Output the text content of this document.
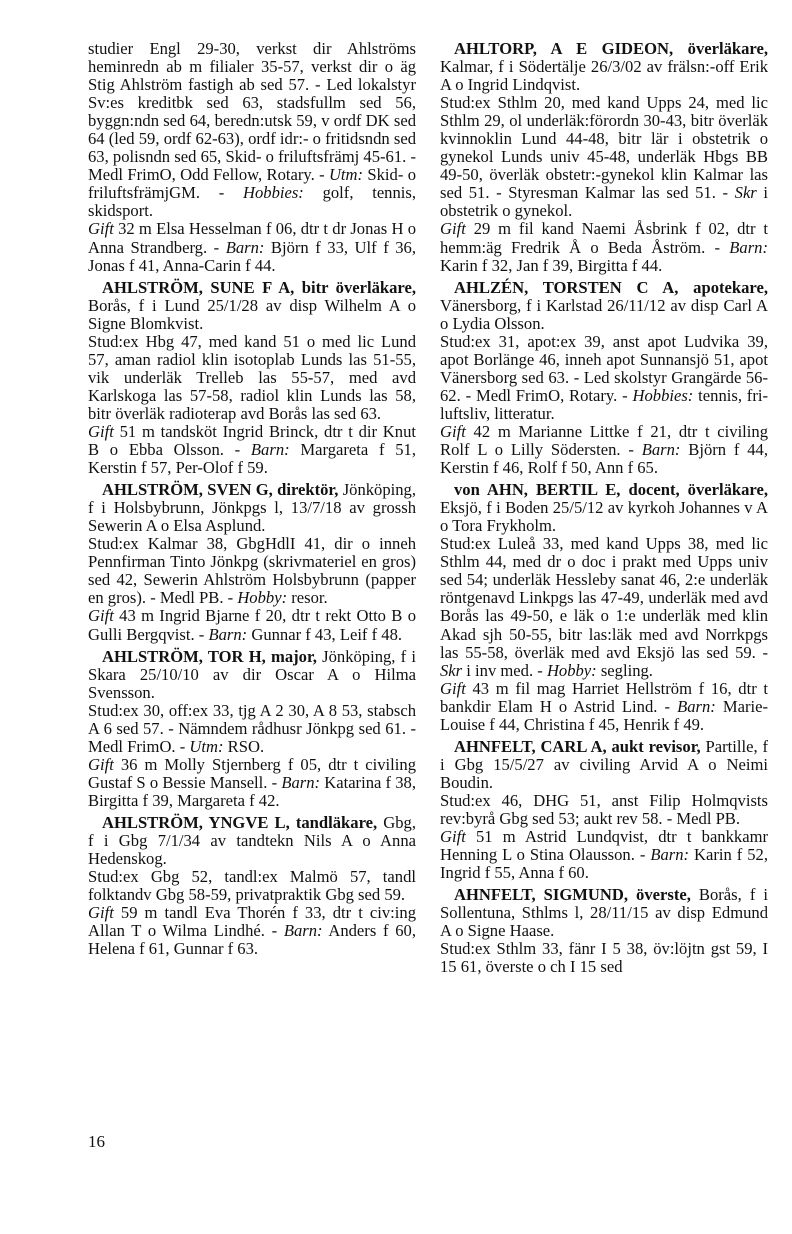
studier Engl 29-30, verkst dir Ahlströms heminredn ab m filialer 35-57, verkst dir o äg Stig Ahlström fastigh ab sed 57. - Led lokalstyr Sv:es kreditbk sed 63, stadsfullm sed 56, byggn:ndn sed 64, beredn:utsk 59, v ordf DK sed 64 (led 59, ordf 62-63), ordf idr:- o fritidsndn sed 63, polisndn sed 65, Skid- o friluftsfrämj 45-61. - Medl FrimO, Odd Fellow, Rotary. - Utm: Skid- o friluftsfrämjGM. - Hobbies: golf, tennis, skidsport.

Gift 32 m Elsa Hesselman f 06, dtr t dr Jonas H o Anna Strandberg. - Barn: Björn f 33, Ulf f 36, Jonas f 41, Anna-Carin f 44.

AHLSTRÖM, SUNE F A, bitr överläkare, Borås, f i Lund 25/1/28 av disp Wilhelm A o Signe Blomkvist.

Stud:ex Hbg 47, med kand 51 o med lic Lund 57, aman radiol klin isotoplab Lunds las 51-55, vik underläk Trelleb las 55-57, med avd Karlskoga las 57-58, radiol klin Lunds las 58, bitr överläk radioterap avd Borås las sed 63.

Gift 51 m tandsköt Ingrid Brinck, dtr t dir Knut B o Ebba Olsson. - Barn: Margareta f 51, Kerstin f 57, Per-Olof f 59.

AHLSTRÖM, SVEN G, direktör, Jönköping, f i Holsbybrunn, Jönkpgs l, 13/7/18 av grossh Sewerin A o Elsa Asplund.

Stud:ex Kalmar 38, GbgHdlI 41, dir o inneh Pennfirman Tinto Jönkpg (skrivmateriel en gros) sed 42, Sewerin Ahlström Holsbybrunn (papper en gros). - Medl PB. - Hobby: resor.

Gift 43 m Ingrid Bjarne f 20, dtr t rekt Otto B o Gulli Bergqvist. - Barn: Gunnar f 43, Leif f 48.

AHLSTRÖM, TOR H, major, Jönköping, f i Skara 25/10/10 av dir Oscar A o Hilma Svensson.

Stud:ex 30, off:ex 33, tjg A 2 30, A 8 53, stabsch A 6 sed 57. - Nämndem rådhusr Jönkpg sed 61. - Medl FrimO. - Utm: RSO.

Gift 36 m Molly Stjernberg f 05, dtr t civiling Gustaf S o Bessie Mansell. - Barn: Katarina f 38, Birgitta f 39, Margareta f 42.

AHLSTRÖM, YNGVE L, tandläkare, Gbg, f i Gbg 7/1/34 av tandtekn Nils A o Anna Hedenskog.

Stud:ex Gbg 52, tandl:ex Malmö 57, tandl folktandv Gbg 58-59, privatpraktik Gbg sed 59.

Gift 59 m tandl Eva Thorén f 33, dtr t civ:ing Allan T o Wilma Lindhé. - Barn: Anders f 60, Helena f 61, Gunnar f 63.

AHLTORP, A E GIDEON, överläkare, Kalmar, f i Södertälje 26/3/02 av frälsn:-off Erik A o Ingrid Lindqvist.

Stud:ex Sthlm 20, med kand Upps 24, med lic Sthlm 29, ol underläk:förordn 30-43, bitr överläk kvinnoklin Lund 44-48, bitr lär i obstetrik o gynekol Lunds univ 45-48, underläk Hbgs BB 49-50, överläk obstetr:-gynekol klin Kalmar las sed 51. - Styresman Kalmar las sed 51. - Skr i obstetrik o gynekol.

Gift 29 m fil kand Naemi Åsbrink f 02, dtr t hemm:äg Fredrik Å o Beda Åström. - Barn: Karin f 32, Jan f 39, Birgitta f 44.

AHLZÉN, TORSTEN C A, apotekare, Vänersborg, f i Karlstad 26/11/12 av disp Carl A o Lydia Olsson.

Stud:ex 31, apot:ex 39, anst apot Ludvika 39, apot Borlänge 46, inneh apot Sunnansjö 51, apot Vänersborg sed 63. - Led skolstyr Grangärde 56-62. - Medl FrimO, Rotary. - Hobbies: tennis, friluftsliv, litteratur.

Gift 42 m Marianne Littke f 21, dtr t civiling Rolf L o Lilly Södersten. - Barn: Björn f 44, Kerstin f 46, Rolf f 50, Ann f 65.

von AHN, BERTIL E, docent, överläkare, Eksjö, f i Boden 25/5/12 av kyrkoh Johannes v A o Tora Frykholm.

Stud:ex Luleå 33, med kand Upps 38, med lic Sthlm 44, med dr o doc i prakt med Upps univ sed 54; underläk Hessleby sanat 46, 2:e underläk röntgenavd Linkpgs las 47-49, underläk med avd Borås las 49-50, e läk o 1:e underläk med klin Akad sjh 50-55, bitr las:läk med avd Norrkpgs las 55-58, överläk med avd Eksjö las sed 59. - Skr i inv med. - Hobby: segling.

Gift 43 m fil mag Harriet Hellström f 16, dtr t bankdir Elam H o Astrid Lind. - Barn: Marie-Louise f 44, Christina f 45, Henrik f 49.

AHNFELT, CARL A, aukt revisor, Partille, f i Gbg 15/5/27 av civiling Arvid A o Neimi Boudin.

Stud:ex 46, DHG 51, anst Filip Holmqvists rev:byrå Gbg sed 53; aukt rev 58. - Medl PB.

Gift 51 m Astrid Lundqvist, dtr t bankkamr Henning L o Stina Olausson. - Barn: Karin f 52, Ingrid f 55, Anna f 60.

AHNFELT, SIGMUND, överste, Borås, f i Sollentuna, Sthlms l, 28/11/15 av disp Edmund A o Signe Haase.

Stud:ex Sthlm 33, fänr I 5 38, öv:löjtn gst 59, I 15 61, överste o ch I 15 sed

16
